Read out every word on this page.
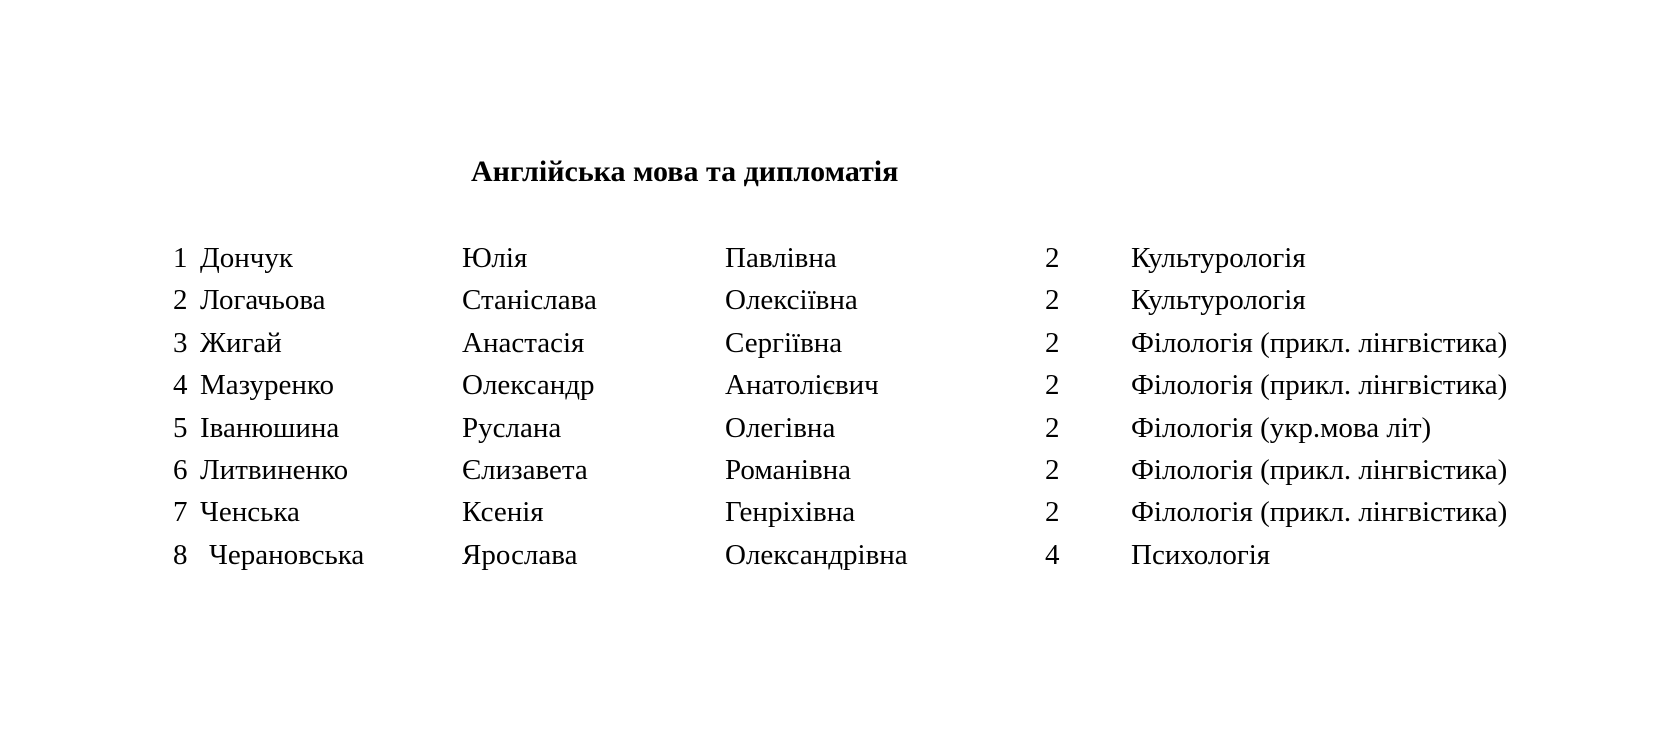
Англійська мова та дипломатія
1 Дончук	Юлія	Павлівна	2 Культурологія
2 Логачьова	Станіслава	Олексіївна	2 Культурологія
3 Жигай	Анастасія	Сергіївна	2 Філологія (прикл. лінгвістика)
4 Мазуренко	Олександр	Анатолієвич	2 Філологія (прикл. лінгвістика)
5 Іванюшина	Руслана	Олегівна	2 Філологія (укр.мова літ)
6 Литвиненко	Єлизавета	Романівна	2 Філологія (прикл. лінгвістика)
7 Ченська	Ксенія	Генріхівна	2 Філологія (прикл. лінгвістика)
8 Черановська	Ярослава	Олександрівна	4 Психологія
